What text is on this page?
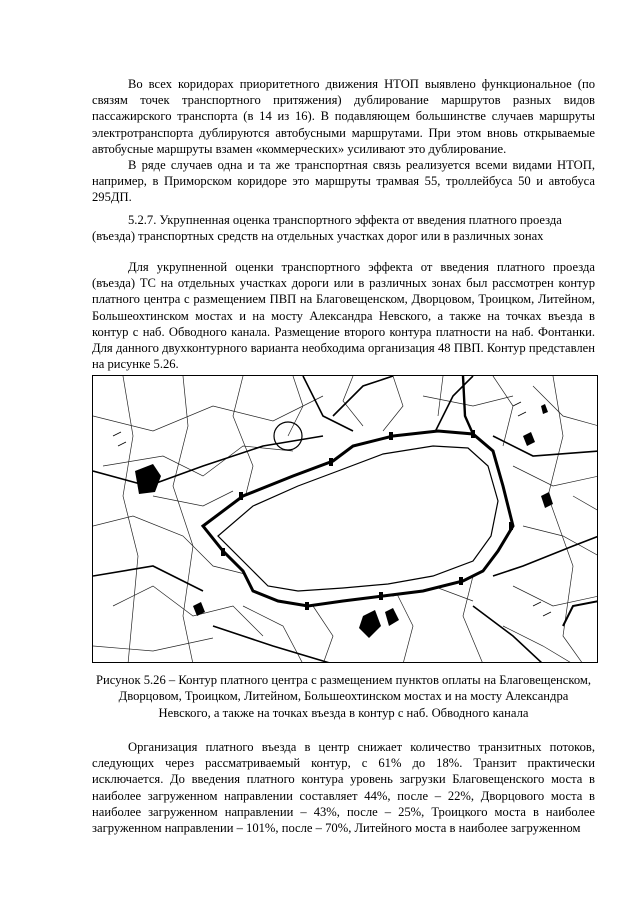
Во всех коридорах приоритетного движения НТОП выявлено функциональное (по связям точек транспортного притяжения) дублирование маршрутов разных видов пассажирского транспорта (в 14 из 16). В подавляющем большинстве случаев маршруты электротранспорта дублируются автобусными маршрутами. При этом вновь открываемые автобусные маршруты взамен «коммерческих» усиливают это дублирование.

В ряде случаев одна и та же транспортная связь реализуется всеми видами НТОП, например, в Приморском коридоре это маршруты трамвая 55, троллейбуса 50 и автобуса 295ДП.

5.2.7. Укрупненная оценка транспортного эффекта от введения платного проезда (въезда) транспортных средств на отдельных участках дорог или в различных зонах

Для укрупненной оценки транспортного эффекта от введения платного проезда (въезда) ТС на отдельных участках дороги или в различных зонах был рассмотрен контур платного центра с размещением ПВП на Благовещенском, Дворцовом, Троицком, Литейном, Большеохтинском мостах и на мосту Александра Невского, а также на точках въезда в контур с наб. Обводного канала. Размещение второго контура платности на наб. Фонтанки. Для данного двухконтурного варианта необходима организация 48 ПВП. Контур представлен на рисунке 5.26.

Рисунок 5.26 – Контур платного центра с размещением пунктов оплаты на Благовещенском, Дворцовом, Троицком, Литейном, Большеохтинском мостах и на мосту Александра Невского, а также на точках въезда в контур с наб. Обводного канала

Организация платного въезда в центр снижает количество транзитных потоков, следующих через рассматриваемый контур, с 61% до 18%. Транзит практически исключается. До введения платного контура уровень загрузки Благовещенского моста в наиболее загруженном направлении составляет 44%, после – 22%, Дворцового моста в наиболее загруженном направлении – 43%, после – 25%, Троицкого моста в наиболее загруженном направлении – 101%, после – 70%, Литейного моста в наиболее загруженном
